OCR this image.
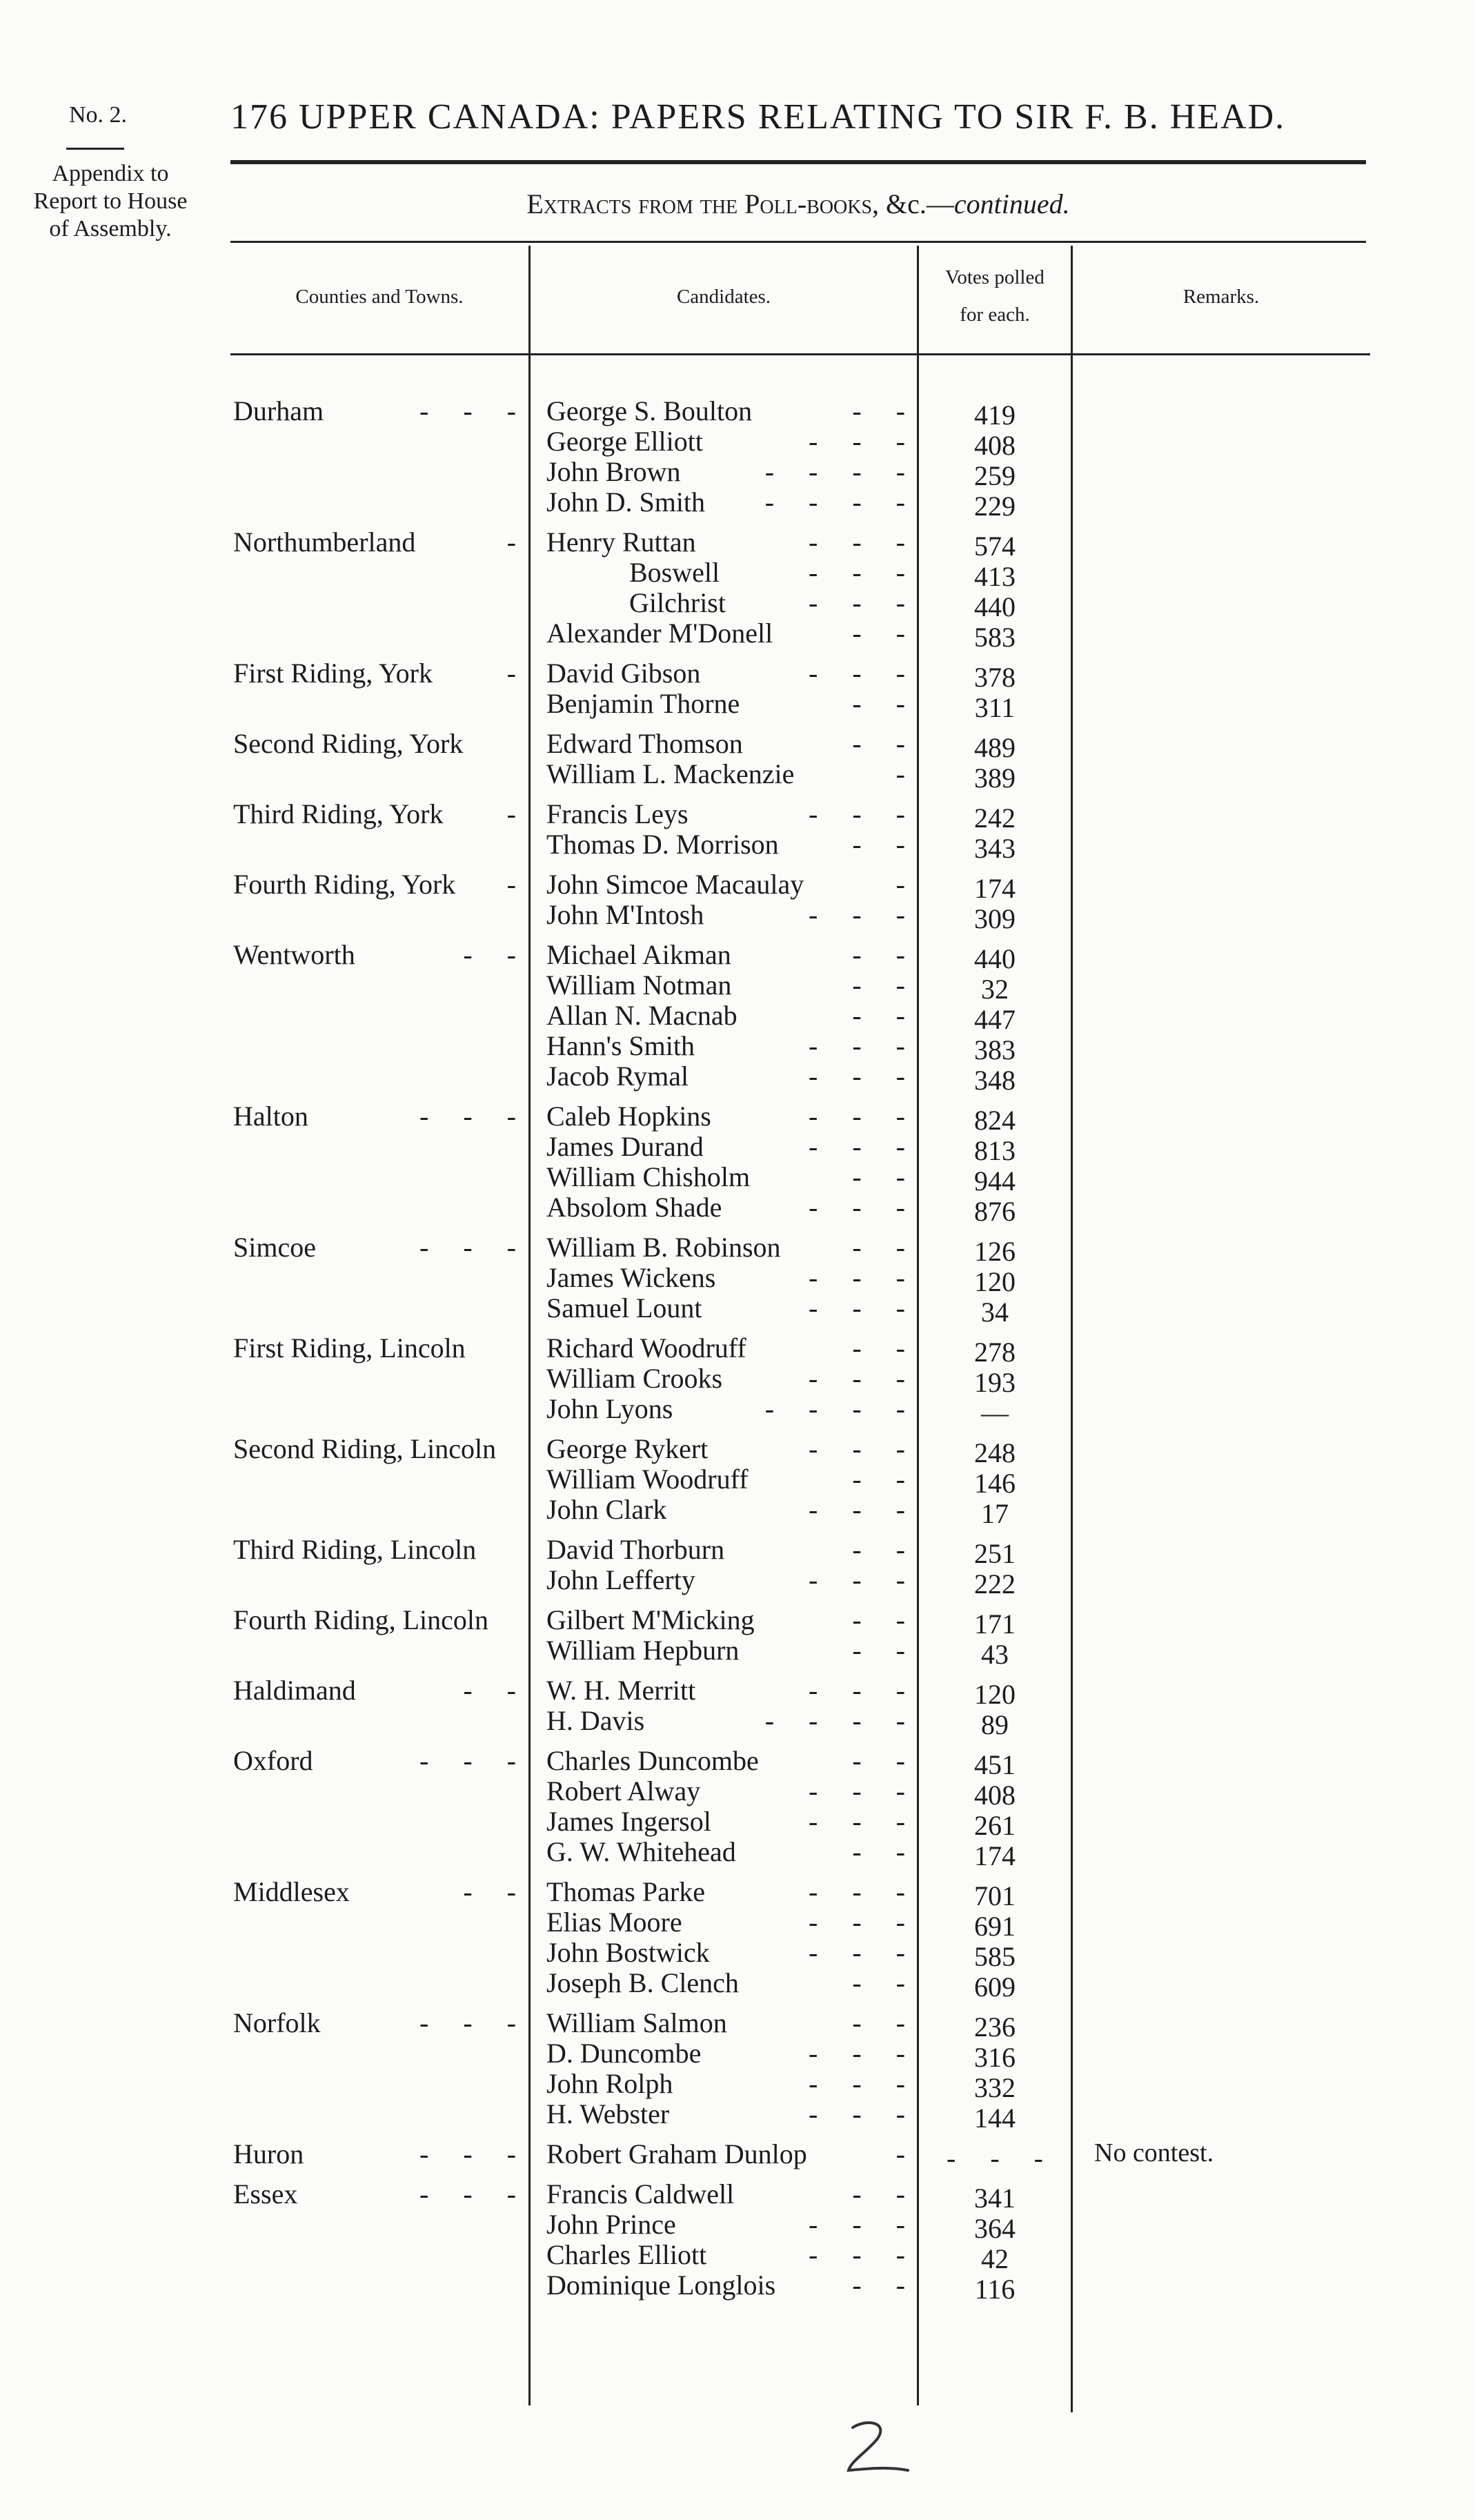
No. 2.
Appendix to
Report to House
of Assembly.
176 UPPER CANADA: PAPERS RELATING TO SIR F. B. HEAD.
Extracts from the Poll-books, &c.—continued.
Counties and Towns.	Candidates.
Votes polled
for each.
Remarks.
Durham	-     -     - George S. Boulton	-     -	419
George Elliott	-     -     -	408
John Brown	-     -     -     -	259
John D. Smith -     -     -     -	229
Northumberland	- Henry Ruttan	-     -     -	574
Boswell	-     -     -	413
Gilchrist	-     -     -	440
Alexander M'Donell	-     -	583
First Riding, York	- David Gibson	-     -     -	378
Benjamin Thorne	-     -	311
Second Riding, York	Edward Thomson	-     -	489
William L. Mackenzie	-	389
Third Riding, York - Francis Leys	-     -     -	242
Thomas D. Morrison	-     -	343
Fourth Riding, York - John Simcoe Macaulay	-	174
John M'Intosh	-     -     -	309
Wentworth	-     - Michael Aikman	-     -	440
William Notman	-     -	32
Allan N. Macnab	-     -	447
Hann's Smith	-     -     -	383
Jacob Rymal	-     -     -	348
Halton	-     -     - Caleb Hopkins	-     -     -	824
James Durand	-     -     -	813
William Chisholm	-     -	944
Absolom Shade	-     -     -	876
Simcoe	-     -     - William B. Robinson	-     -	126
James Wickens	-     -     -	120
Samuel Lount	-     -     -	34
First Riding, Lincoln	Richard Woodruff	-     -	278
William Crooks	-     -     -	193
John Lyons	-     -     -     -	—
Second Riding, Lincoln George Rykert	-     -     -	248
William Woodruff	-     -	146
John Clark	-     -     -	17
Third Riding, Lincoln	David Thorburn	-     -	251
John Lefferty	-     -     -	222
Fourth Riding, Lincoln Gilbert M'Micking	-     -	171
William Hepburn	-     -	43
Haldimand	-     - W. H. Merritt	-     -     -	120
H. Davis	-     -     -     -	89
Oxford	-     -     - Charles Duncombe	-     -	451
Robert Alway	-     -     -	408
James Ingersol	-     -     -	261
G. W. Whitehead	-     -	174
Middlesex	-     - Thomas Parke	-     -     -	701
Elias Moore	-     -     -	691
John Bostwick	-     -     -	585
Joseph B. Clench	-     -	609
Norfolk	-     -     - William Salmon	-     -	236
D. Duncombe	-     -     -	316
John Rolph	-     -     -	332
H. Webster	-     -     -	144
Huron	-     -     - Robert Graham Dunlop	-	-     -     -	No contest.
Essex	-     -     - Francis Caldwell	-     -	341
John Prince	-     -     -	364
Charles Elliott	-     -     -	42
Dominique Longlois	-     -	116
